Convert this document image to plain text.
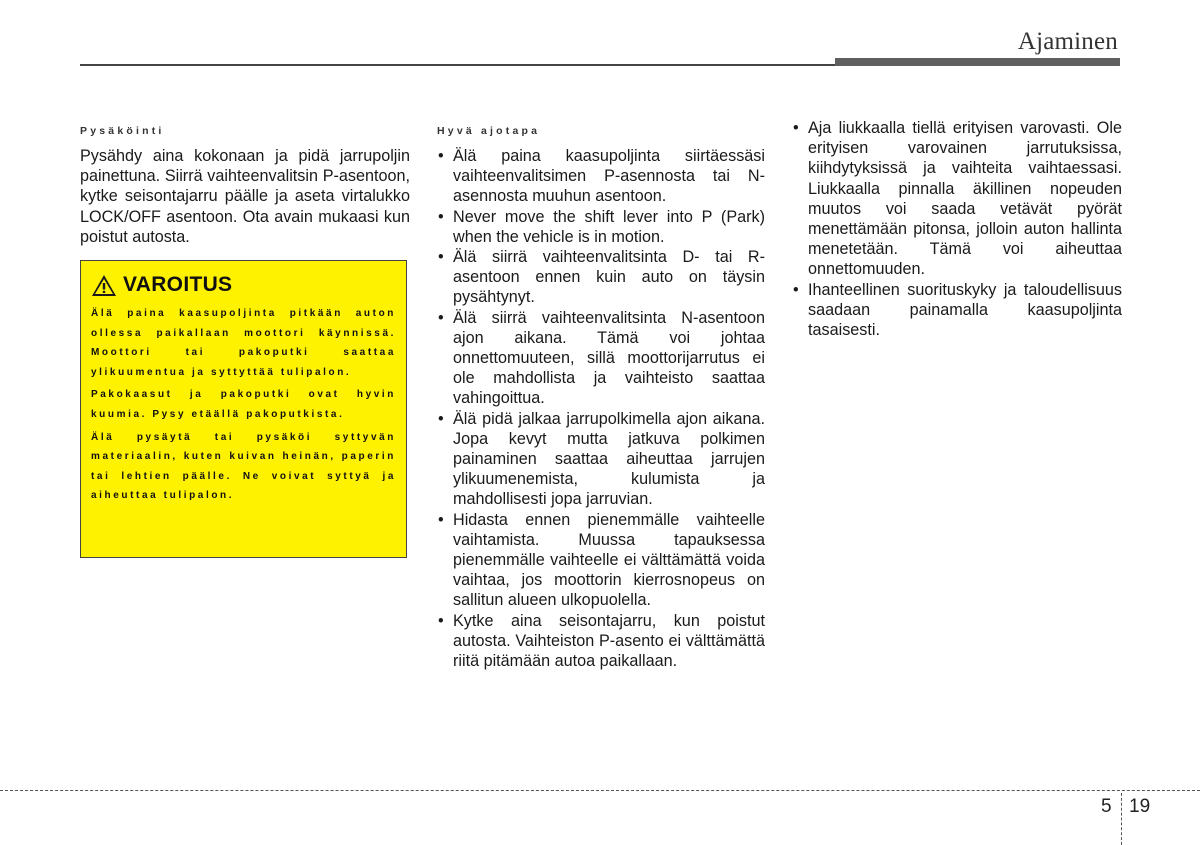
Ajaminen
Pysäköinti

Pysähdy aina kokonaan ja pidä jarrupoljin painettuna. Siirrä vaihteenvalitsin P-asentoon, kytke seisontajarru päälle ja aseta virtalukko LOCK/OFF asentoon. Ota avain mukaasi kun poistut autosta.

VAROITUS

Älä paina kaasupoljinta pitkään auton ollessa paikallaan moottori käynnissä. Moottori tai pakoputki saattaa ylikuumentua ja syttyttää tulipalon.

Pakokaasut ja pakoputki ovat hyvin kuumia. Pysy etäällä pakoputkista.

Älä pysäytä tai pysäköi syttyvän materiaalin, kuten kuivan heinän, paperin tai lehtien päälle. Ne voivat syttyä ja aiheuttaa tulipalon.

Hyvä ajotapa
• Älä paina kaasupoljinta siirtäessäsi vaihteenvalitsimen P-asennosta tai N-asennosta muuhun asentoon.
• Never move the shift lever into P (Park) when the vehicle is in motion.
• Älä siirrä vaihteenvalitsinta D- tai R-asentoon ennen kuin auto on täysin pysähtynyt.
• Älä siirrä vaihteenvalitsinta N-asentoon ajon aikana. Tämä voi johtaa onnettomuuteen, sillä moottorijarrutus ei ole mahdollista ja vaihteisto saattaa vahingoittua.
• Älä pidä jalkaa jarrupolkimella ajon aikana. Jopa kevyt mutta jatkuva polkimen painaminen saattaa aiheuttaa jarrujen ylikuumenemista, kulumista ja mahdollisesti jopa jarruvian.
• Hidasta ennen pienemmälle vaihteelle vaihtamista. Muussa tapauksessa pienemmälle vaihteelle ei välttämättä voida vaihtaa, jos moottorin kierrosnopeus on sallitun alueen ulkopuolella.
• Kytke aina seisontajarru, kun poistut autosta. Vaihteiston P-asento ei välttämättä riitä pitämään autoa paikallaan.
• Aja liukkaalla tiellä erityisen varovasti. Ole erityisen varovainen jarrutuksissa, kiihdytyksissä ja vaihteita vaihtaessasi. Liukkaalla pinnalla äkillinen nopeuden muutos voi saada vetävät pyörät menettämään pitonsa, jolloin auton hallinta menetetään. Tämä voi aiheuttaa onnettomuuden.
• Ihanteellinen suorituskyky ja taloudellisuus saadaan painamalla kaasupoljinta tasaisesti.
5 19
